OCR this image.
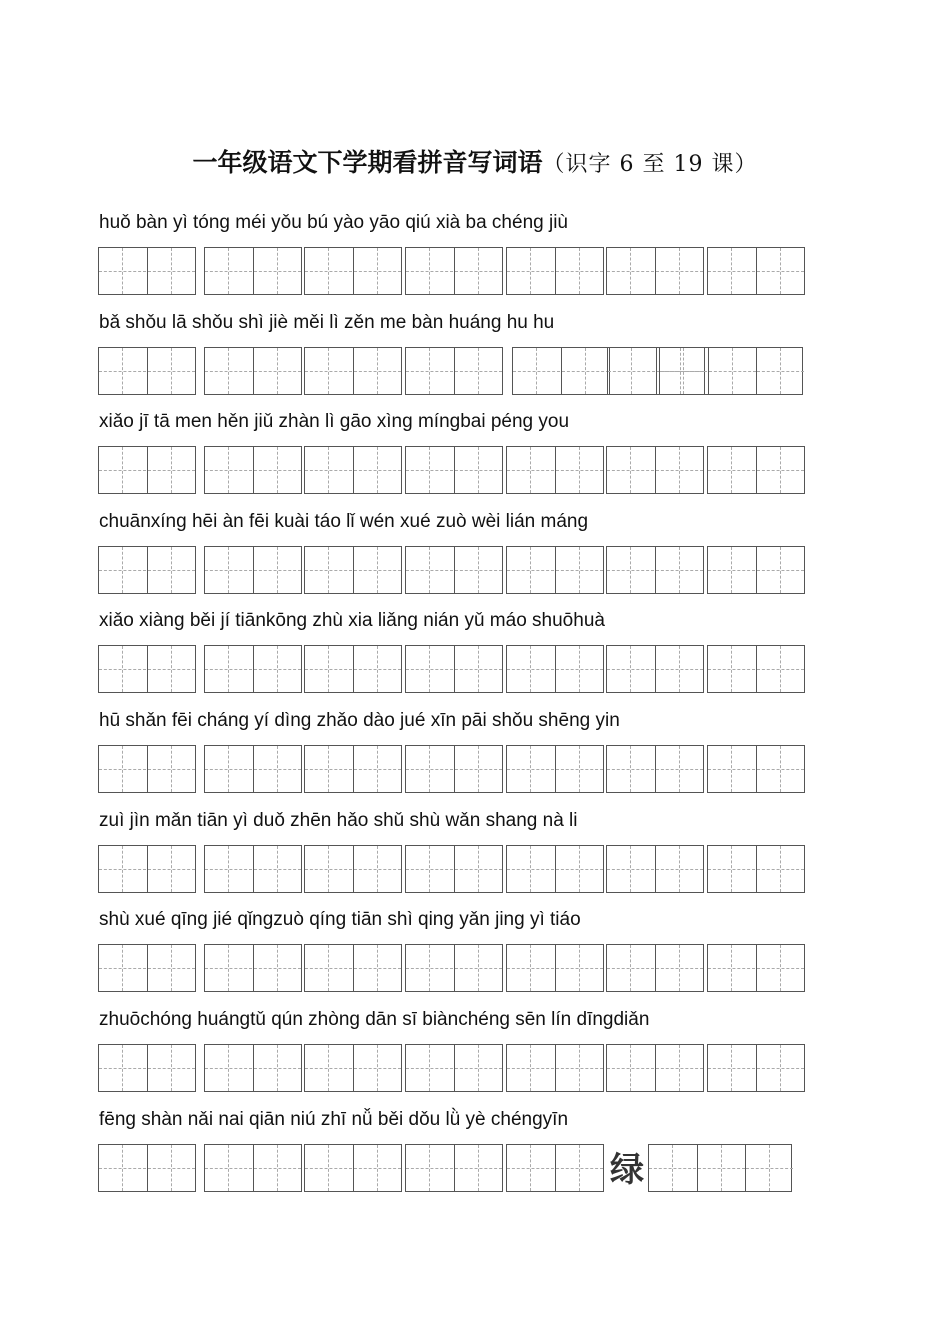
一年级语文下学期看拼音写词语（识字 6 至 19 课）
huǒ bàn yì tóng méi yǒu bú yào yāo qiú xià ba chéng jiù
bǎ shǒu lā shǒu shì jiè měi lì zěn me bàn huáng hu hu
xiǎo jī tā men hěn jiǔ zhàn lì gāo xìng míngbai péng you
chuānxíng hēi àn fēi kuài táo lǐ wén xué zuò wèi lián máng
xiǎo xiàng běi jí tiānkōng zhù xia liǎng nián yǔ máo shuōhuà
hū shǎn fēi cháng yí dìng zhǎo dào jué xīn pāi shǒu shēng yin
zuì jìn mǎn tiān yì duǒ zhēn hǎo shǔ shù wǎn shang nà li
shù xué qīng jié qǐngzuò qíng tiān shì qing yǎn jing yì tiáo
zhuōchóng huángtǔ qún zhòng dān sī biànchéng sēn lín dīngdiǎn
fēng shàn nǎi nai qiān niú zhī nǚ běi dǒu lǜ yè chéngyīn
绿
